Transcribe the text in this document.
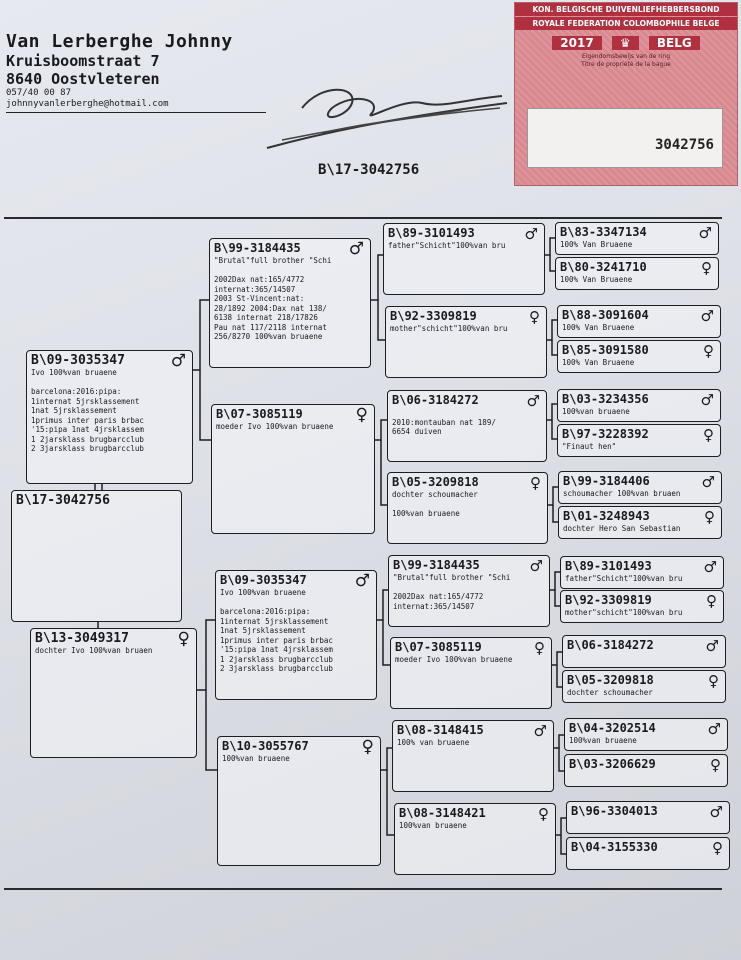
Van Lerberghe Johnny
Kruisboomstraat 7
8640 Oostvleteren
057/40 00 87
johnnyvanlerberghe@hotmail.com
B\17-3042756
KON. BELGISCHE DUIVENLIEFHEBBERSBOND
ROYALE FEDERATION COLOMBOPHILE BELGE
2017 ♛ BELG
Eigendomsbewijs van de ring
Titre de propriété de la bague
3042756
B\17-3042756
B\09-3035347	♂
Ivo 100%van bruaene

barcelona:2016:pipa:
1internat 5jrsklassement
1nat 5jrsklassement
1primus inter paris brbac
'15:pipa 1nat 4jrsklassem
1 2jarsklass brugbarcclub
2 3jarsklass brugbarcclub
B\13-3049317	♀
dochter Ivo 100%van bruaen
B\99-3184435	♂
"Brutal"full brother "Schi

2002Dax nat:165/4772
internat:365/14507
2003 St-Vincent:nat:
28/1892 2004:Dax nat 138/
6138 internat 218/17826
Pau nat 117/2118 internat
256/8270 100%van bruaene
B\07-3085119	♀
moeder Ivo 100%van bruaene
B\09-3035347	♂
Ivo 100%van bruaene

barcelona:2016:pipa:
1internat 5jrsklassement
1nat 5jrsklassement
1primus inter paris brbac
'15:pipa 1nat 4jrsklassem
1 2jarsklass brugbarcclub
2 3jarsklass brugbarcclub
B\10-3055767	♀
100%van bruaene
B\89-3101493	♂
father"Schicht"100%van bru
B\92-3309819	♀
mother"schicht"100%van bru
B\06-3184272	♂

2010:montauban nat 189/
6654 duiven
B\05-3209818	♀
dochter schoumacher

100%van bruaene
B\99-3184435	♂
"Brutal"full brother "Schi

2002Dax nat:165/4772
internat:365/14507
B\07-3085119	♀
moeder Ivo 100%van bruaene
B\08-3148415	♂
100% van bruaene
B\08-3148421	♀
100%van bruaene
B\83-3347134	♂
100% Van Bruaene
B\80-3241710	♀
100% Van Bruaene
B\88-3091604	♂
100% Van Bruaene
B\85-3091580	♀
100% Van Bruaene
B\03-3234356	♂
100%van bruaene
B\97-3228392	♀
"Finaut hen"
B\99-3184406	♂
schoumacher 100%van bruaen
B\01-3248943	♀
dochter Hero San Sebastian
B\89-3101493	♂
father"Schicht"100%van bru
B\92-3309819	♀
mother"schicht"100%van bru
B\06-3184272	♂
B\05-3209818	♀
dochter schoumacher
B\04-3202514	♂
100%van bruaene
B\03-3206629	♀
B\96-3304013	♂
B\04-3155330	♀
